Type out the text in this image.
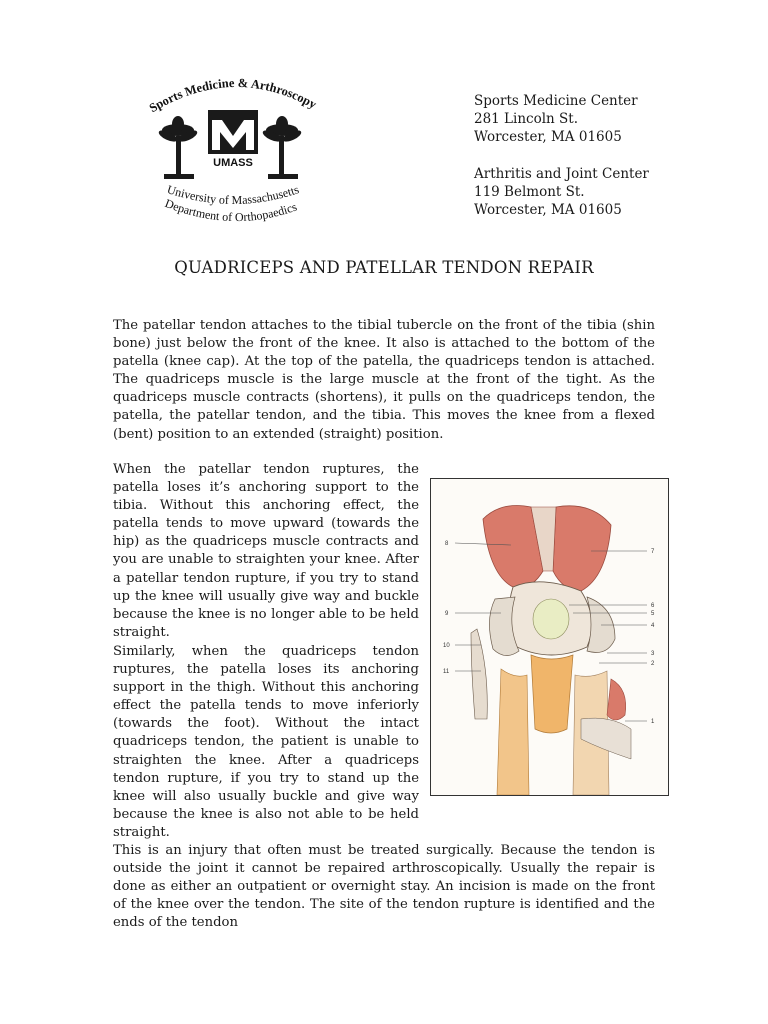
Sports Medicine & Arthroscopy
UMASS
University of Massachusetts
Department of Orthopaedics
Sports Medicine Center
281 Lincoln St.
Worcester, MA 01605
Arthritis and Joint Center
119 Belmont St.
Worcester, MA 01605
QUADRICEPS AND PATELLAR TENDON REPAIR

The patellar tendon attaches to the tibial tubercle on the front of the tibia (shin bone) just below the front of the knee. It also is attached to the bottom of the patella (knee cap). At the top of the patella, the quadriceps tendon is attached. The quadriceps muscle is the large muscle at the front of the tight. As the quadriceps muscle contracts (shortens), it pulls on the quadriceps tendon, the patella, the patellar tendon, and the tibia. This moves the knee from a flexed (bent) position to an extended (straight) position.

When the patellar tendon ruptures, the patella loses it’s anchoring support to the tibia. Without this anchoring effect, the patella tends to move upward (towards the hip) as the quadriceps muscle contracts and you are unable to straighten your knee. After a patellar tendon rupture, if you try to stand up the knee will usually give way and buckle because the knee is no longer able to be held straight.

Similarly, when the quadriceps tendon ruptures, the patella loses its anchoring support in the thigh. Without this anchoring effect the patella tends to move inferiorly (towards the foot). Without the intact quadriceps tendon, the patient is unable to straighten the knee. After a quadriceps tendon rupture, if you try to stand up the knee will also usually buckle and give way because the knee is also not able to be held straight.

This is an injury that often must be treated surgically. Because the tendon is outside the joint it cannot be repaired arthroscopically. Usually the repair is done as either an outpatient or overnight stay. An incision is made on the front of the knee over the tendon. The site of the tendon rupture is identified and the ends of the tendon

8
9
10
11
7
6
5
4
3
2
1
